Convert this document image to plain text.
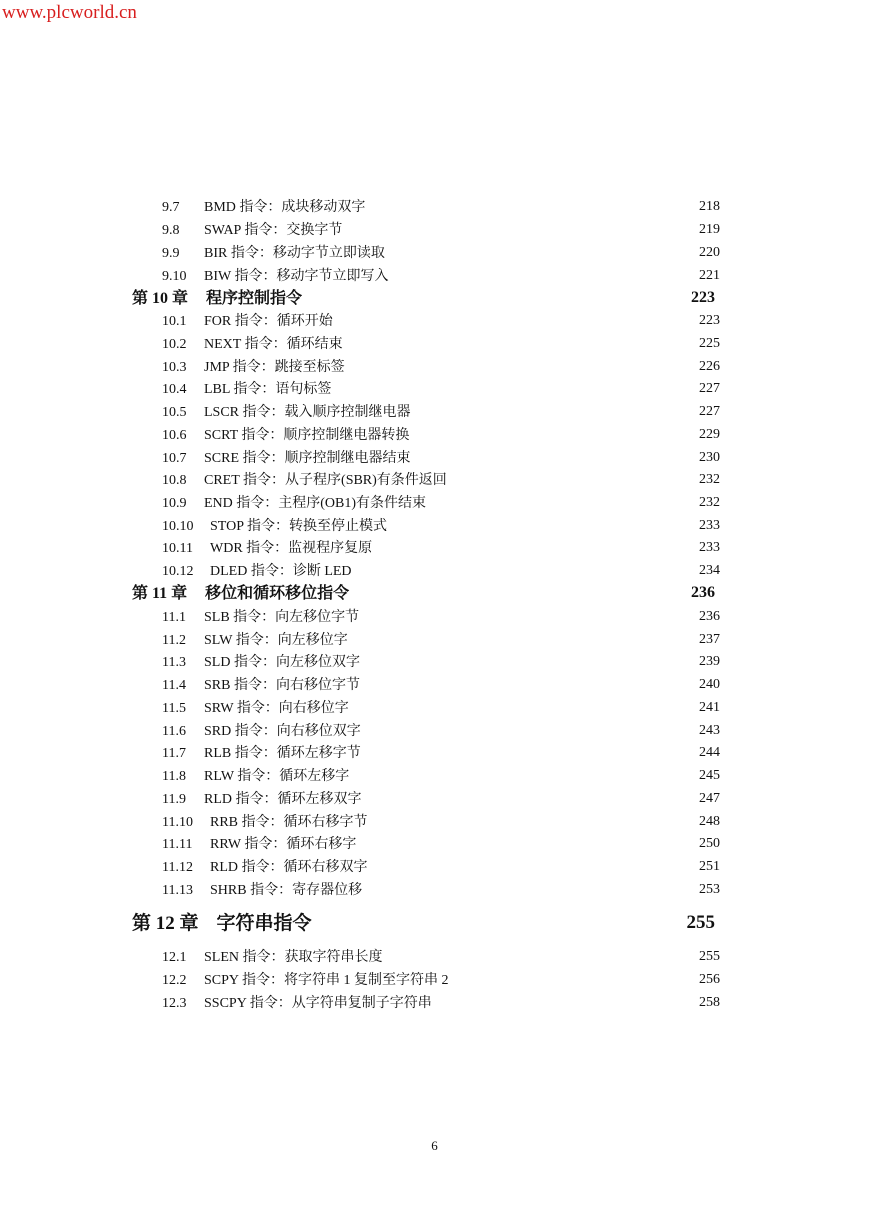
www.plcworld.cn
9.7 BMD 指令：成块移动双字	218
9.8 SWAP 指令：交换字节	219
9.9 BIR 指令：移动字节立即读取	220
9.10 BIW 指令：移动字节立即写入	221
第 10 章 程序控制指令	223
10.1 FOR 指令：循环开始	223
10.2 NEXT 指令：循环结束	225
10.3 JMP 指令：跳接至标签	226
10.4 LBL 指令：语句标签	227
10.5 LSCR 指令：载入顺序控制继电器	227
10.6 SCRT 指令：顺序控制继电器转换	229
10.7 SCRE 指令：顺序控制继电器结束	230
10.8 CRET 指令：从子程序(SBR)有条件返回	232
10.9 END 指令：主程序(OB1)有条件结束	232
10.10 STOP 指令：转换至停止模式	233
10.11 WDR 指令：监视程序复原	233
10.12 DLED 指令：诊断 LED	234
第 11 章 移位和循环移位指令	236
11.1 SLB 指令：向左移位字节	236
11.2 SLW 指令：向左移位字	237
11.3 SLD 指令：向左移位双字	239
11.4 SRB 指令：向右移位字节	240
11.5 SRW 指令：向右移位字	241
11.6 SRD 指令：向右移位双字	243
11.7 RLB 指令：循环左移字节	244
11.8 RLW 指令：循环左移字	245
11.9 RLD 指令：循环左移双字	247
11.10 RRB 指令：循环右移字节	248
11.11 RRW 指令：循环右移字	250
11.12 RLD 指令：循环右移双字	251
11.13 SHRB 指令：寄存器位移	253
第 12 章 字符串指令	255
12.1 SLEN 指令：获取字符串长度	255
12.2 SCPY 指令：将字符串 1 复制至字符串 2	256
12.3 SSCPY 指令：从字符串复制子字符串	258
6
